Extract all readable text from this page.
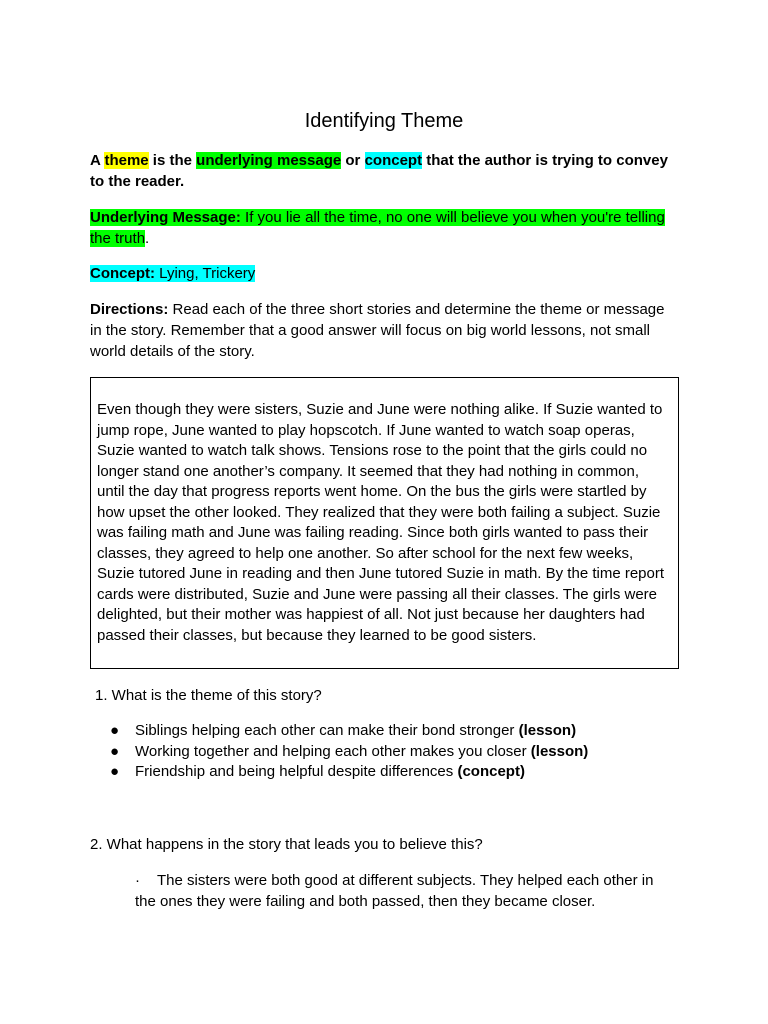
Identifying Theme
A theme is the underlying message or concept that the author is trying to convey to the reader.
Underlying Message: If you lie all the time, no one will believe you when you're telling the truth.
Concept: Lying, Trickery
Directions: Read each of the three short stories and determine the theme or message in the story. Remember that a good answer will focus on big world lessons, not small world details of the story.
Even though they were sisters, Suzie and June were nothing alike. If Suzie wanted to jump rope, June wanted to play hopscotch. If June wanted to watch soap operas, Suzie wanted to watch talk shows. Tensions rose to the point that the girls could no longer stand one another’s company. It seemed that they had nothing in common, until the day that progress reports went home. On the bus the girls were startled by how upset the other looked. They realized that they were both failing a subject. Suzie was failing math and June was failing reading. Since both girls wanted to pass their classes, they agreed to help one another. So after school for the next few weeks, Suzie tutored June in reading and then June tutored Suzie in math. By the time report cards were distributed, Suzie and June were passing all their classes. The girls were delighted, but their mother was happiest of all. Not just because her daughters had passed their classes, but because they learned to be good sisters.
1. What is the theme of this story?
● Siblings helping each other can make their bond stronger (lesson)
● Working together and helping each other makes you closer (lesson)
● Friendship and being helpful despite differences (concept)
2. What happens in the story that leads you to believe this?
· The sisters were both good at different subjects. They helped each other in the ones they were failing and both passed, then they became closer.
